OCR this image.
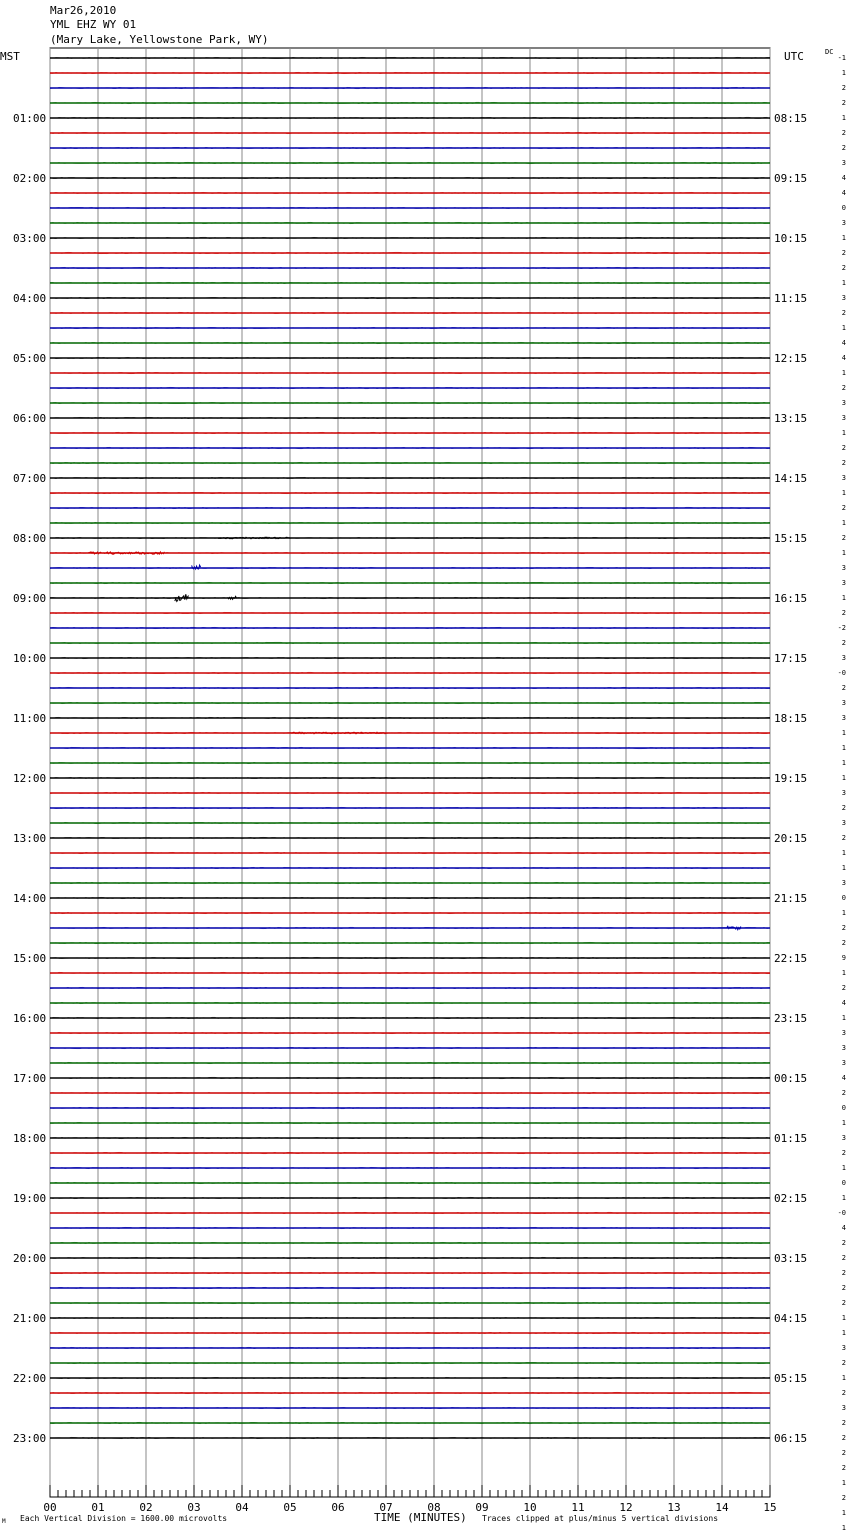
Mar26,2010
YML EHZ WY 01
(Mary Lake, Yellowstone Park, WY)
MST	UTC	DC
01:00
02:00
03:00
04:00
05:00
06:00
07:00
08:00
09:00
10:00
11:00
12:00
13:00
14:00
15:00
16:00
17:00
18:00
19:00
20:00
21:00
22:00
23:00
08:15
09:15
10:15
11:15
12:15
13:15
14:15
15:15
16:15
17:15
18:15
19:15
20:15
21:15
22:15
23:15
00:15
01:15
02:15
03:15
04:15
05:15
06:15
-1
1
2
2
1
2
2
3
4
4
0
3
1
2
2
1
3
2
1
4
4
1
2
3
3
1
2
2
3
1
2
1
2
1
3
3
1
2
-2
2
3
-0
2
3
3
1
1
1
1
3
2
3
2
1
1
3
0
1
2
2
9
1
2
4
1
3
3
3
4
2
0
1
3
2
1
0
1
-0
4
2
2
2
2
2
1
1
3
2
1
2
3
2
2
2
2
1
2
1
1
00	01	02	03	04	05	06	07	08	09	10	11	12	13	14	15
M Each Vertical Division = 1600.00 microvolts	TIME (MINUTES) Traces clipped at plus/minus 5 vertical divisions
